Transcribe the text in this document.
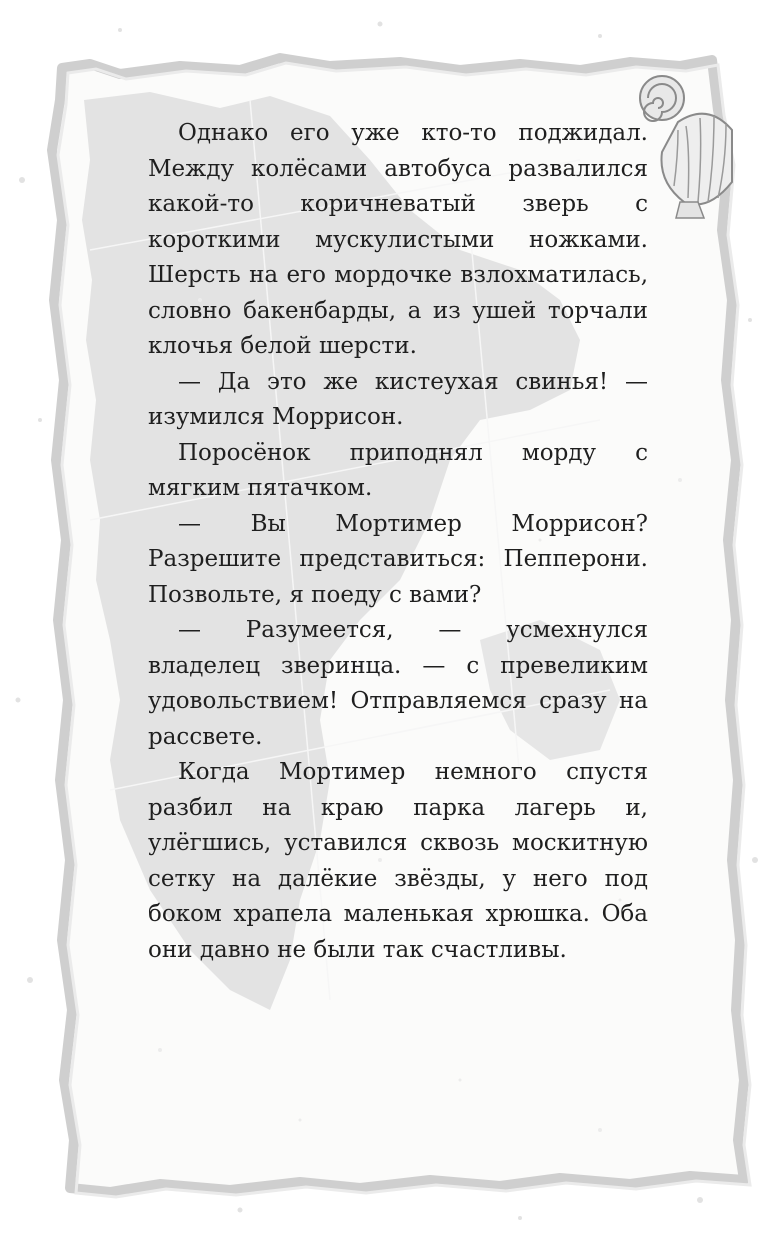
Однако его уже кто-то поджидал. Между колёсами автобуса развалился какой-то коричневатый зверь с короткими мускулистыми ножками. Шерсть на его мордочке взлохматилась, словно бакенбарды, а из ушей торчали клочья белой шерсти.

— Да это же кистеухая свинья! — изумился Моррисон.

Поросёнок приподнял морду с мягким пятачком.

— Вы Мортимер Моррисон? Разрешите представиться: Пепперони. Позвольте, я поеду с вами?

— Разумеется, — усмехнулся владелец зверинца. — с превеликим удовольствием! Отправляемся сразу на рассвете.

Когда Мортимер немного спустя разбил на краю парка лагерь и, улёгшись, уставился сквозь москитную сетку на далёкие звёзды, у него под боком храпела маленькая хрюшка. Оба они давно не были так счастливы.
